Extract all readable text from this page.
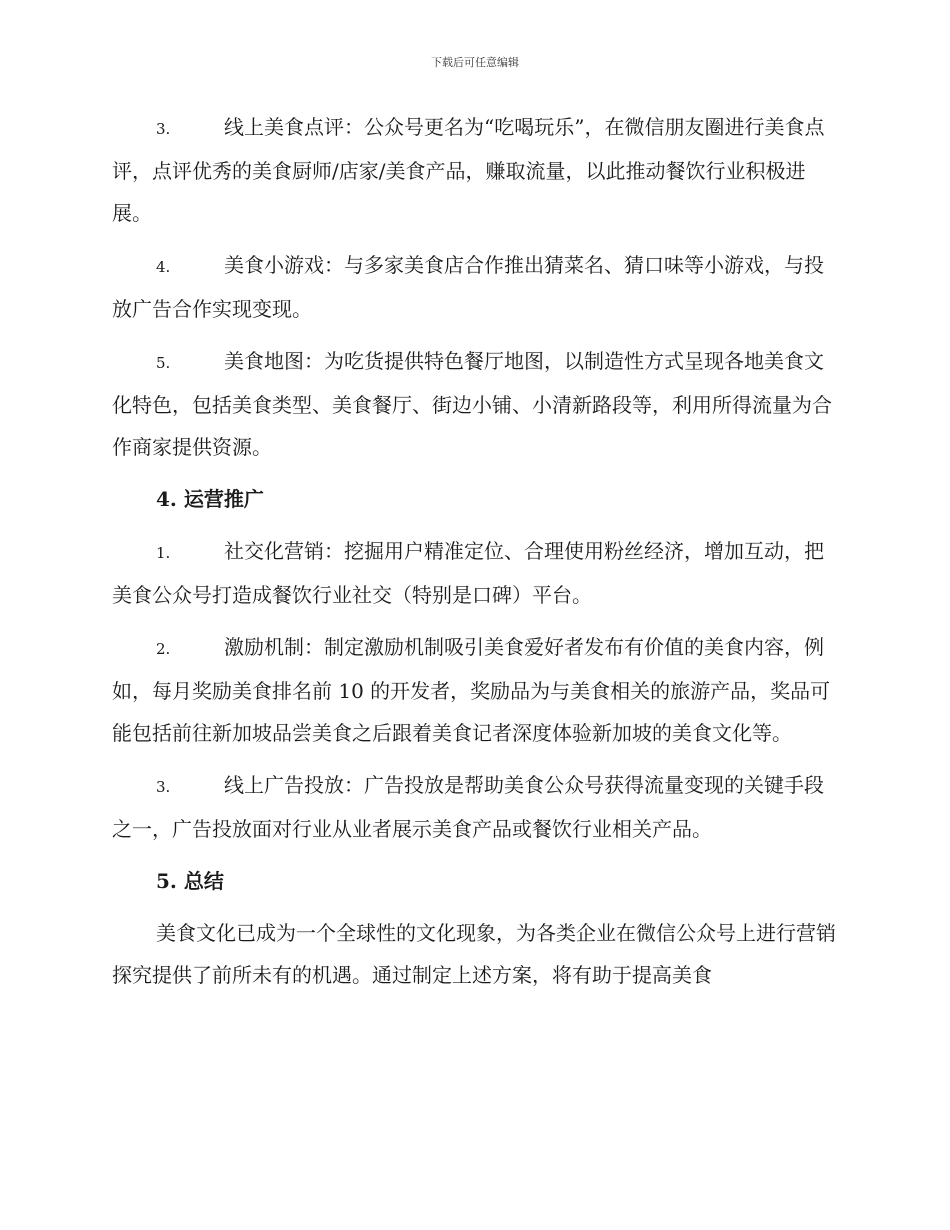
下载后可任意编辑

3.	线上美食点评：公众号更名为“吃喝玩乐”，在微信朋友圈进行美食点评，点评优秀的美食厨师/店家/美食产品，赚取流量，以此推动餐饮行业积极进展。

4.	美食小游戏：与多家美食店合作推出猜菜名、猜口味等小游戏，与投放广告合作实现变现。

5.	美食地图：为吃货提供特色餐厅地图，以制造性方式呈现各地美食文化特色，包括美食类型、美食餐厅、街边小铺、小清新路段等，利用所得流量为合作商家提供资源。

4. 运营推广

1.	社交化营销：挖掘用户精准定位、合理使用粉丝经济，增加互动，把美食公众号打造成餐饮行业社交（特别是口碑）平台。

2.	激励机制：制定激励机制吸引美食爱好者发布有价值的美食内容，例如，每月奖励美食排名前 10 的开发者，奖励品为与美食相关的旅游产品，奖品可能包括前往新加坡品尝美食之后跟着美食记者深度体验新加坡的美食文化等。

3.	线上广告投放：广告投放是帮助美食公众号获得流量变现的关键手段之一，广告投放面对行业从业者展示美食产品或餐饮行业相关产品。

5. 总结

美食文化已成为一个全球性的文化现象，为各类企业在微信公众号上进行营销探究提供了前所未有的机遇。通过制定上述方案，将有助于提高美食
